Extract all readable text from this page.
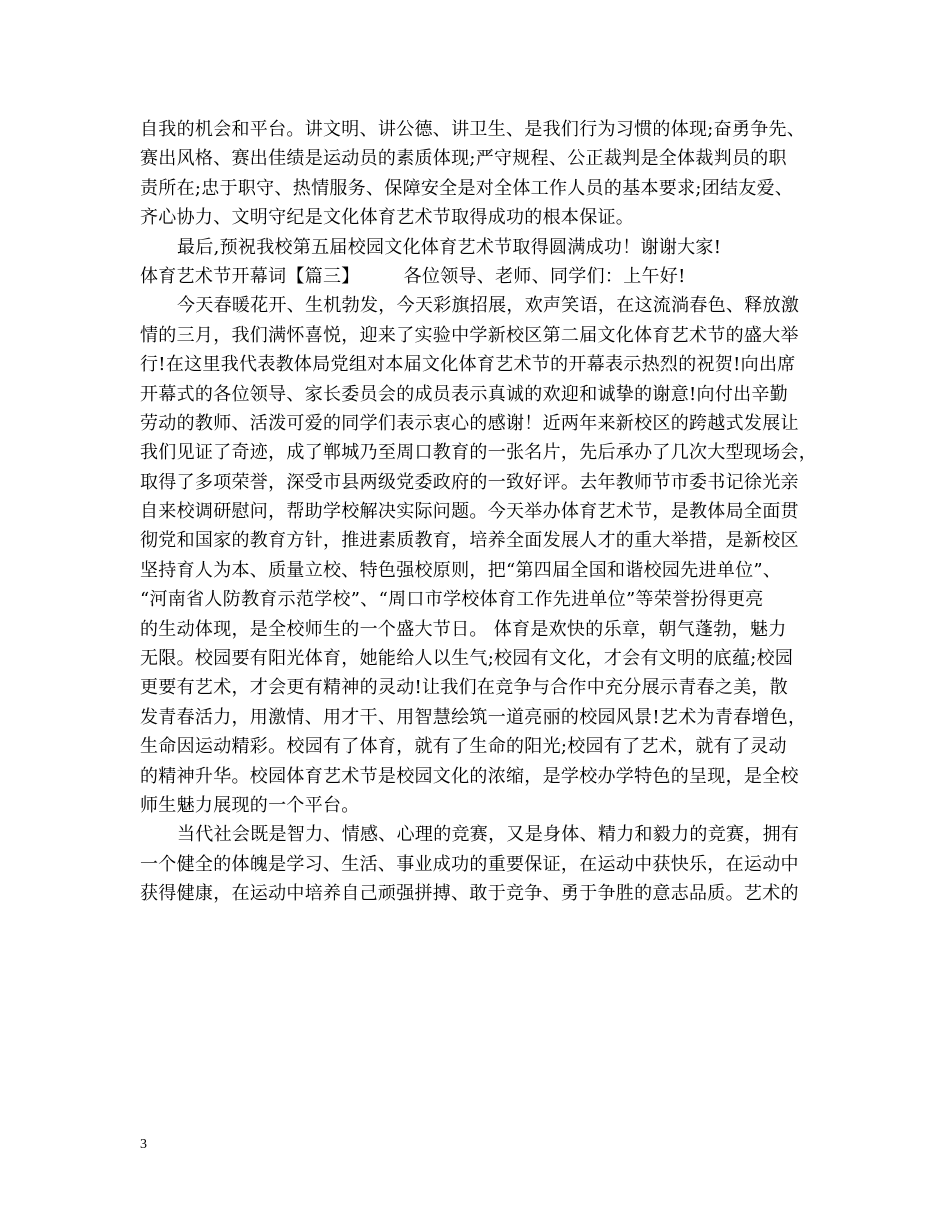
自我的机会和平台。讲文明、讲公德、讲卫生、是我们行为习惯的体现;奋勇争先、
赛出风格、赛出佳绩是运动员的素质体现;严守规程、公正裁判是全体裁判员的职
责所在;忠于职守、热情服务、保障安全是对全体工作人员的基本要求;团结友爱、
齐心协力、文明守纪是文化体育艺术节取得成功的根本保证。
最后,预祝我校第五届校园文化体育艺术节取得圆满成功！谢谢大家!
体育艺术节开幕词【篇三】 各位领导、老师、同学们：上午好!
今天春暖花开、生机勃发，今天彩旗招展，欢声笑语，在这流淌春色、释放激
情的三月，我们满怀喜悦，迎来了实验中学新校区第二届文化体育艺术节的盛大举
行!在这里我代表教体局党组对本届文化体育艺术节的开幕表示热烈的祝贺!向出席
开幕式的各位领导、家长委员会的成员表示真诚的欢迎和诚挚的谢意!向付出辛勤
劳动的教师、活泼可爱的同学们表示衷心的感谢！近两年来新校区的跨越式发展让
我们见证了奇迹，成了郸城乃至周口教育的一张名片，先后承办了几次大型现场会，
取得了多项荣誉，深受市县两级党委政府的一致好评。去年教师节市委书记徐光亲
自来校调研慰问，帮助学校解决实际问题。今天举办体育艺术节，是教体局全面贯
彻党和国家的教育方针，推进素质教育，培养全面发展人才的重大举措，是新校区
坚持育人为本、质量立校、特色强校原则，把“第四届全国和谐校园先进单位”、
“河南省人防教育示范学校”、“周口市学校体育工作先进单位”等荣誉扮得更亮
的生动体现，是全校师生的一个盛大节日。 体育是欢快的乐章，朝气蓬勃，魅力
无限。校园要有阳光体育，她能给人以生气;校园有文化，才会有文明的底蕴;校园
更要有艺术，才会更有精神的灵动!让我们在竞争与合作中充分展示青春之美，散
发青春活力，用激情、用才干、用智慧绘筑一道亮丽的校园风景!艺术为青春增色，
生命因运动精彩。校园有了体育，就有了生命的阳光;校园有了艺术，就有了灵动
的精神升华。校园体育艺术节是校园文化的浓缩，是学校办学特色的呈现，是全校
师生魅力展现的一个平台。
当代社会既是智力、情感、心理的竞赛，又是身体、精力和毅力的竞赛，拥有
一个健全的体魄是学习、生活、事业成功的重要保证，在运动中获快乐，在运动中
获得健康，在运动中培养自己顽强拼搏、敢于竞争、勇于争胜的意志品质。艺术的
3
